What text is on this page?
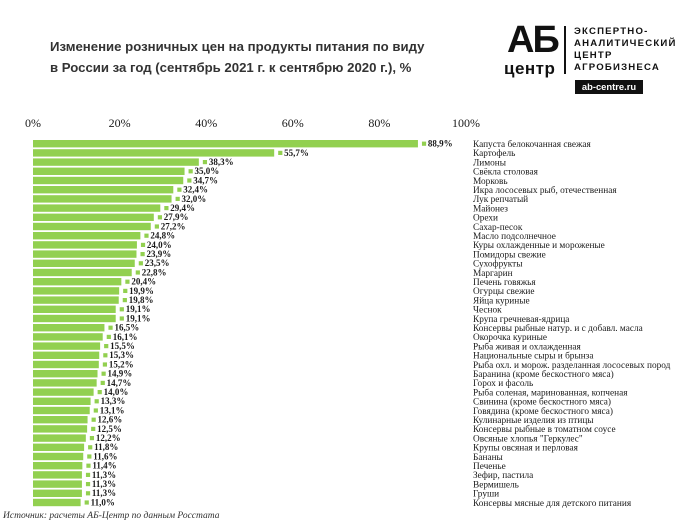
Изменение розничных цен на продукты питания по виду
в России за год (сентябрь 2021 г. к сентябрю 2020 г.), %
АБ
центр
ЭКСПЕРТНО-
АНАЛИТИЧЕСКИЙ
ЦЕНТР
АГРОБИЗНЕСА
ab-centre.ru
0%	20%	40%	60%	80%	100%
88,9% Капуста белокочанная свежая
55,7%	Картофель
38,3%	Лимоны
35,0%	Свёкла столовая
34,7%	Морковь
32,4%	Икра лососевых рыб, отечественная
32,0%	Лук репчатый
29,4%	Майонез
27,9%	Орехи
27,2%	Сахар-песок
24,8%	Масло подсолнечное
24,0%	Куры охлажденные и мороженые
23,9%	Помидоры свежие
23,5%	Сухофрукты
22,8%	Маргарин
20,4%	Печень говяжья
19,9%	Огурцы свежие
19,8%	Яйца куриные
19,1%	Чеснок
19,1%	Крупа гречневая-ядрица
16,5%	Консервы рыбные натур. и с добавл. масла
16,1%	Окорочка куриные
15,5%	Рыба живая и охлажденная
15,3%	Национальные сыры и брынза
15,2%	Рыба охл. и морож. разделанная лососевых пород
14,9%	Баранина (кроме бескостного мяса)
14,7%	Горох и фасоль
14,0%	Рыба соленая, маринованная, копченая
13,3%	Свинина (кроме бескостного мяса)
13,1%	Говядина (кроме бескостного мяса)
12,6%	Кулинарные изделия из птицы
12,5%	Консервы рыбные в томатном соусе
12,2%	Овсяные хлопья "Геркулес"
11,8%	Крупы овсяная и перловая
11,6%	Бананы
11,4%	Печенье
11,3%	Зефир, пастила
11,3%	Вермишель
11,3%	Груши
11,0%	Консервы мясные для детского питания
Источник: расчеты АБ-Центр по данным Росстата
